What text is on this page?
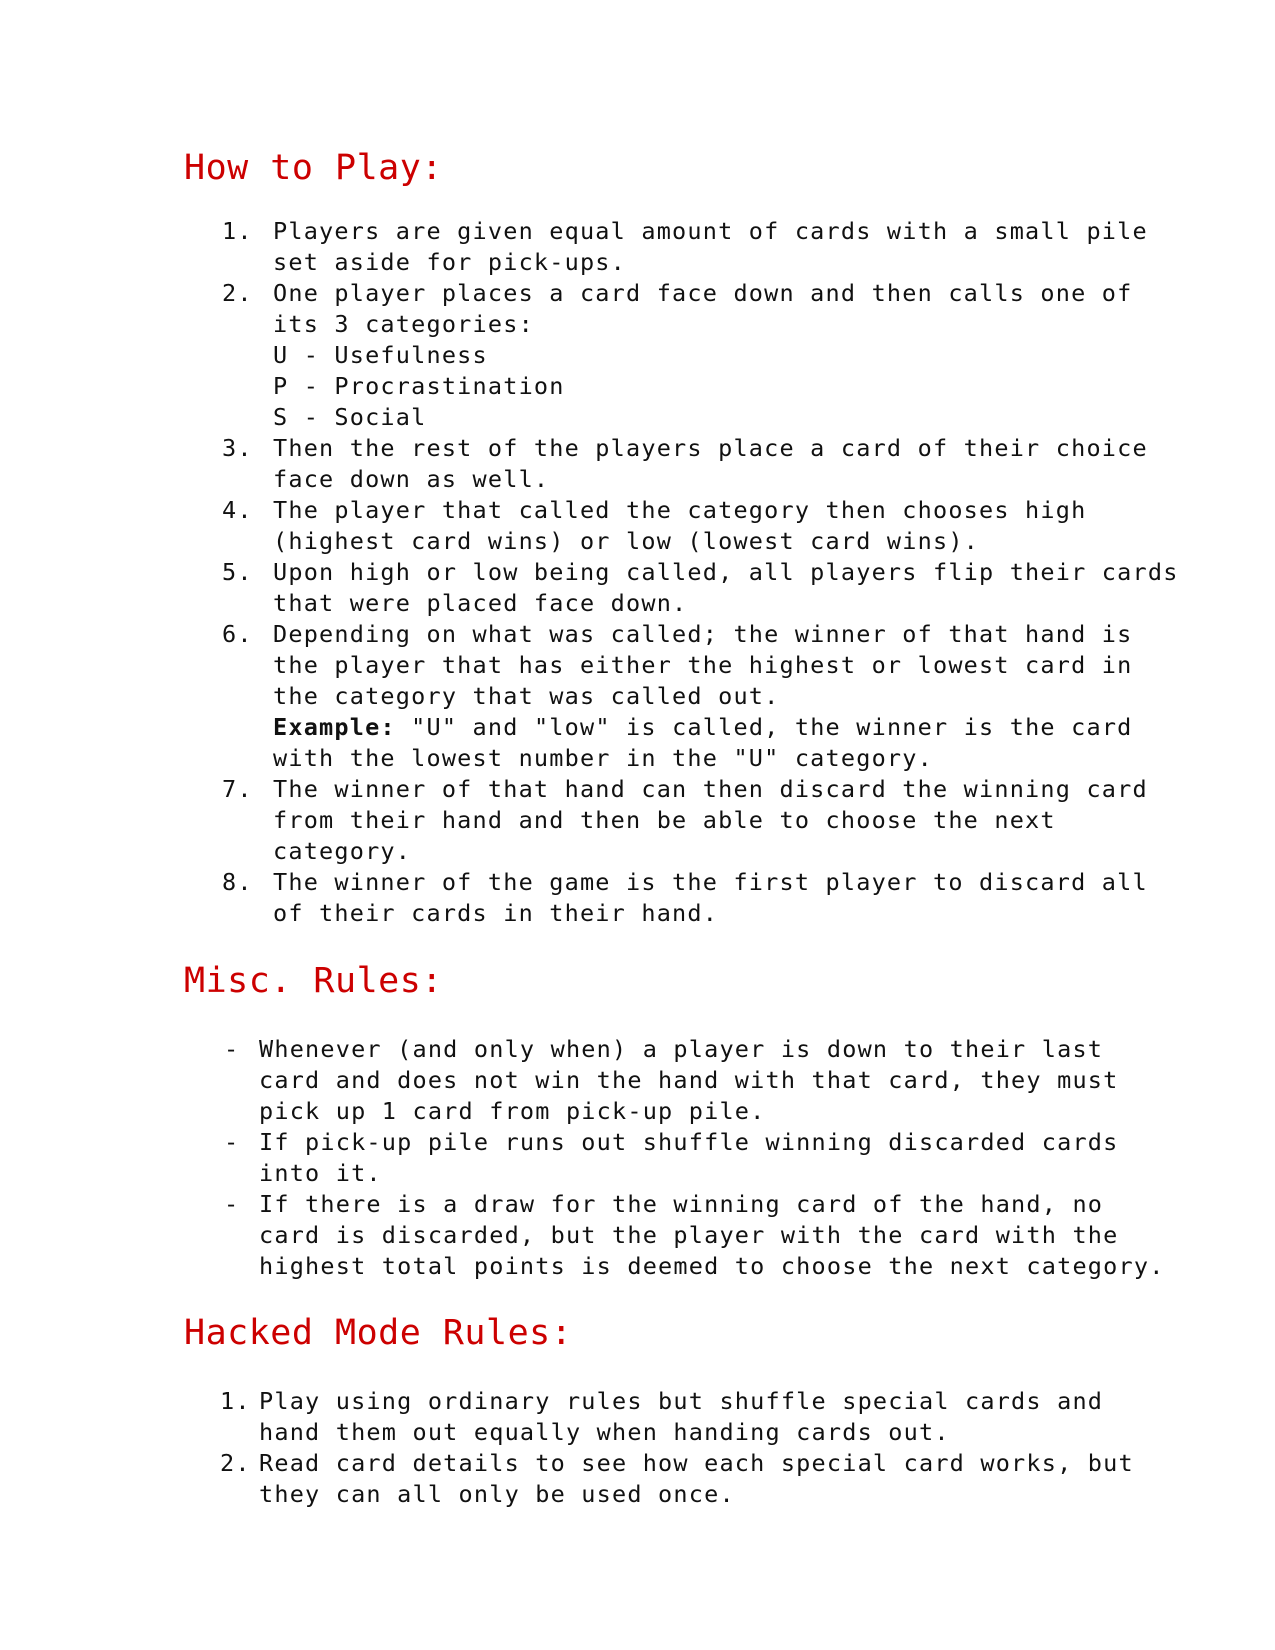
How to Play:
1. Players are given equal amount of cards with a small pile
set aside for pick-ups.
2. One player places a card face down and then calls one of
its 3 categories:
U - Usefulness
P - Procrastination
S - Social
3. Then the rest of the players place a card of their choice
face down as well.
4. The player that called the category then chooses high
(highest card wins) or low (lowest card wins).
5. Upon high or low being called, all players flip their cards
that were placed face down.
6. Depending on what was called; the winner of that hand is
the player that has either the highest or lowest card in
the category that was called out.
Example: "U" and "low" is called, the winner is the card
with the lowest number in the "U" category.
7. The winner of that hand can then discard the winning card
from their hand and then be able to choose the next
category.
8. The winner of the game is the first player to discard all
of their cards in their hand.
Misc. Rules:
- Whenever (and only when) a player is down to their last
card and does not win the hand with that card, they must
pick up 1 card from pick-up pile.
- If pick-up pile runs out shuffle winning discarded cards
into it.
- If there is a draw for the winning card of the hand, no
card is discarded, but the player with the card with the
highest total points is deemed to choose the next category.
Hacked Mode Rules:
1. Play using ordinary rules but shuffle special cards and
hand them out equally when handing cards out.
2. Read card details to see how each special card works, but
they can all only be used once.
